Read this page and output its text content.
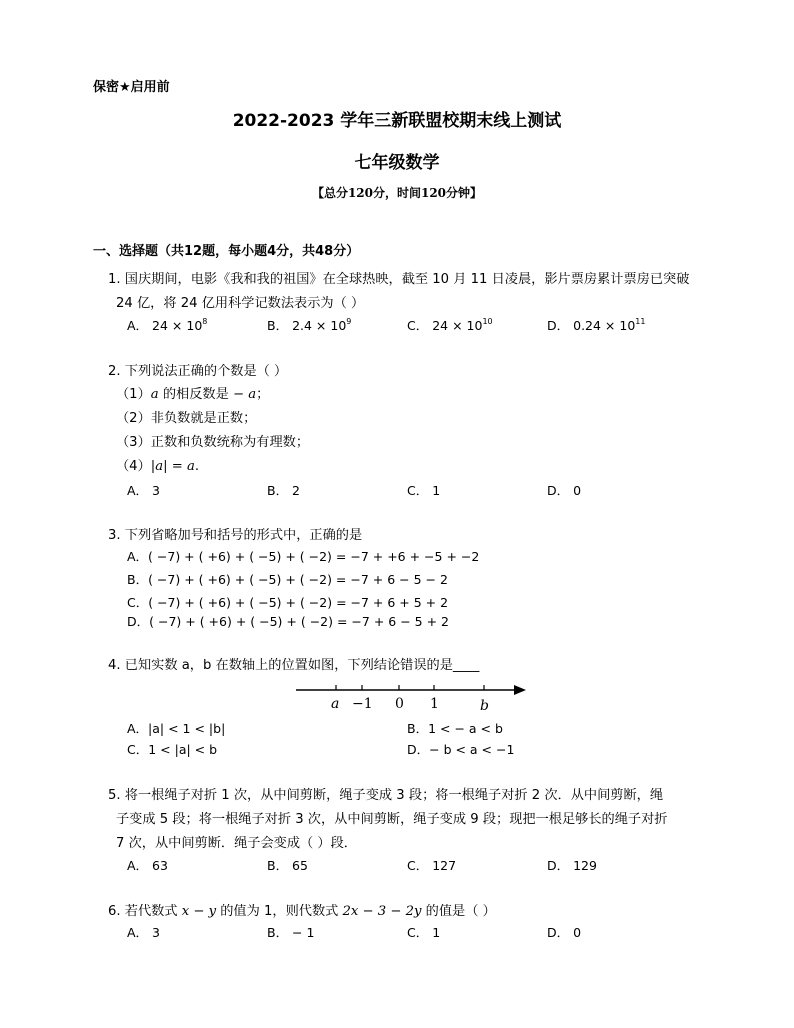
保密★启用前
2022-2023 学年三新联盟校期末线上测试
七年级数学
【总分120分，时间120分钟】
一、选择题（共12题，每小题4分，共48分）
1. 国庆期间，电影《我和我的祖国》在全球热映，截至 10 月 11 日凌晨，影片票房累计票房已突破
24 亿，将 24 亿用科学记数法表示为（ ）
A． $24 \times 10^8$	B． $2.4 \times 10^9$	C． $24 \times 10^{10}$	D． $0.24 \times 10^{11}$
2. 下列说法正确的个数是（ ）
（1）a 的相反数是 − a；
（2）非负数就是正数；
（3）正数和负数统称为有理数；
（4）|a| = a.
A． 3	B． 2	C． 1	D． 0
3. 下列省略加号和括号的形式中，正确的是
A．( −7) + ( +6) + ( −5) + ( −2) = −7 + +6 + −5 + −2
B．( −7) + ( +6) + ( −5) + ( −2) = −7 + 6 − 5 − 2
C．( −7) + ( +6) + ( −5) + ( −2) = −7 + 6 + 5 + 2
D．( −7) + ( +6) + ( −5) + ( −2) = −7 + 6 − 5 + 2
4. 已知实数 a，b 在数轴上的位置如图，下列结论错误的是____
a −1 0 1	b
A．|a| < 1 < |b|	B．1 < − a < b
C．1 < |a| < b	D．− b < a < −1
5. 将一根绳子对折 1 次，从中间剪断，绳子变成 3 段；将一根绳子对折 2 次．从中间剪断，绳
子变成 5 段；将一根绳子对折 3 次，从中间剪断，绳子变成 9 段；现把一根足够长的绳子对折
7 次，从中间剪断．绳子会变成（ ）段．
A． 63	B． 65	C． 127	D． 129
6. 若代数式 x − y 的值为 1，则代数式 2x − 3 − 2y 的值是（ ）
A． 3	B． − 1	C． 1	D． 0
